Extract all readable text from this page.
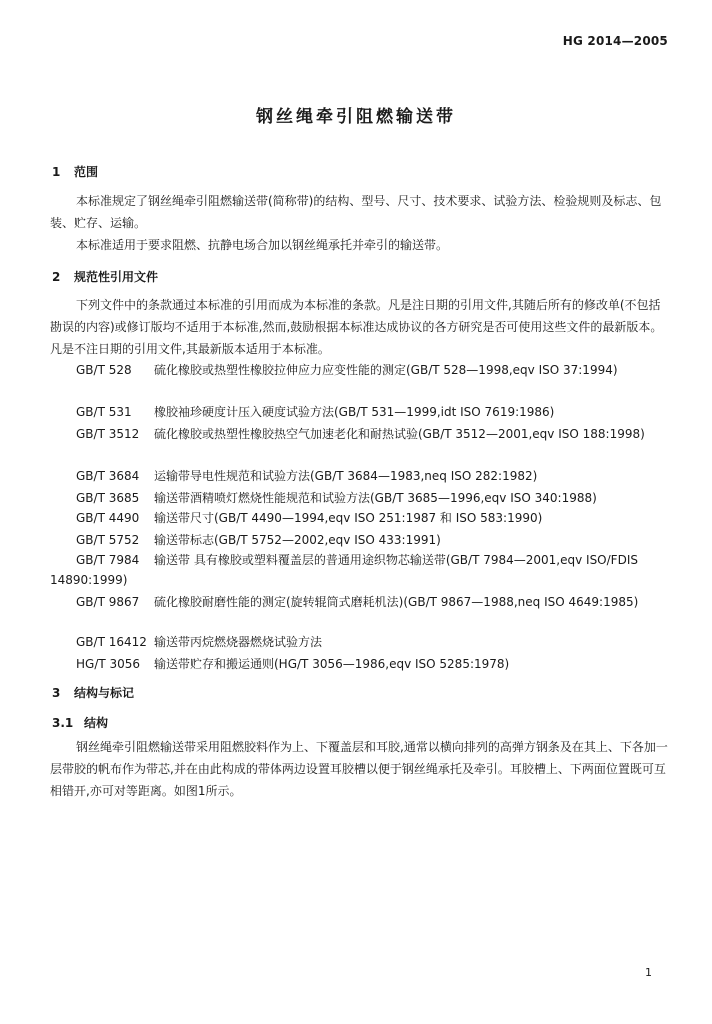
HG 2014—2005
钢丝绳牵引阻燃输送带
1 范围
本标准规定了钢丝绳牵引阻燃输送带(简称带)的结构、型号、尺寸、技术要求、试验方法、检验规则及标志、包装、贮存、运输。
本标准适用于要求阻燃、抗静电场合加以钢丝绳承托并牵引的输送带。
2 规范性引用文件
下列文件中的条款通过本标准的引用而成为本标准的条款。凡是注日期的引用文件,其随后所有的修改单(不包括勘误的内容)或修订版均不适用于本标准,然而,鼓励根据本标准达成协议的各方研究是否可使用这些文件的最新版本。凡是不注日期的引用文件,其最新版本适用于本标准。
GB/T 528 硫化橡胶或热塑性橡胶拉伸应力应变性能的测定(GB/T 528—1998,eqv ISO 37:1994)
GB/T 531 橡胶袖珍硬度计压入硬度试验方法(GB/T 531—1999,idt ISO 7619:1986)
GB/T 3512 硫化橡胶或热塑性橡胶热空气加速老化和耐热试验(GB/T 3512—2001,eqv ISO 188:1998)
GB/T 3684 运输带导电性规范和试验方法(GB/T 3684—1983,neq ISO 282:1982)
GB/T 3685 输送带酒精喷灯燃烧性能规范和试验方法(GB/T 3685—1996,eqv ISO 340:1988)
GB/T 4490 输送带尺寸(GB/T 4490—1994,eqv ISO 251:1987 和 ISO 583:1990)
GB/T 5752 输送带标志(GB/T 5752—2002,eqv ISO 433:1991)
GB/T 7984 输送带 具有橡胶或塑料覆盖层的普通用途织物芯输送带(GB/T 7984—2001,eqv ISO/FDIS 14890:1999)
GB/T 9867 硫化橡胶耐磨性能的测定(旋转辊筒式磨耗机法)(GB/T 9867—1988,neq ISO 4649:1985)
GB/T 16412 输送带丙烷燃烧器燃烧试验方法
HG/T 3056 输送带贮存和搬运通则(HG/T 3056—1986,eqv ISO 5285:1978)
3 结构与标记
3.1 结构
钢丝绳牵引阻燃输送带采用阻燃胶料作为上、下覆盖层和耳胶,通常以横向排列的高弹方钢条及在其上、下各加一层带胶的帆布作为带芯,并在由此构成的带体两边设置耳胶槽以便于钢丝绳承托及牵引。耳胶槽上、下两面位置既可互相错开,亦可对等距离。如图1所示。
1
